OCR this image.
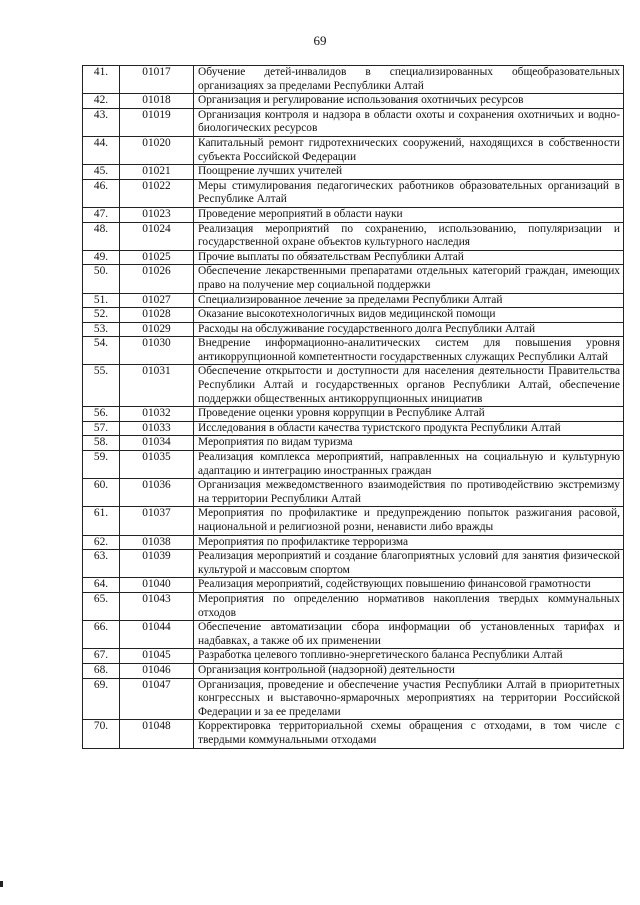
69
41.	01017	Обучение детей-инвалидов в специализированных общеобразовательных организациях за пределами Республики Алтай
42.	01018	Организация и регулирование использования охотничьих ресурсов
43.	01019	Организация контроля и надзора в области охоты и сохранения охотничьих и водно-биологических ресурсов
44.	01020	Капитальный ремонт гидротехнических сооружений, находящихся в собственности субъекта Российской Федерации
45.	01021	Поощрение лучших учителей
46.	01022	Меры стимулирования педагогических работников образовательных организаций в Республике Алтай
47.	01023	Проведение мероприятий в области науки
48.	01024	Реализация мероприятий по сохранению, использованию, популяризации и государственной охране объектов культурного наследия
49.	01025	Прочие выплаты по обязательствам Республики Алтай
50.	01026	Обеспечение лекарственными препаратами отдельных категорий граждан, имеющих право на получение мер социальной поддержки
51.	01027	Специализированное лечение за пределами Республики Алтай
52.	01028	Оказание высокотехнологичных видов медицинской помощи
53.	01029	Расходы на обслуживание государственного долга Республики Алтай
54.	01030	Внедрение информационно-аналитических систем для повышения уровня антикоррупционной компетентности государственных служащих Республики Алтай
55.	01031	Обеспечение открытости и доступности для населения деятельности Правительства Республики Алтай и государственных органов Республики Алтай, обеспечение поддержки общественных антикоррупционных инициатив
56.	01032	Проведение оценки уровня коррупции в Республике Алтай
57.	01033	Исследования в области качества туристского продукта Республики Алтай
58.	01034	Мероприятия по видам туризма
59.	01035	Реализация комплекса мероприятий, направленных на социальную и культурную адаптацию и интеграцию иностранных граждан
60.	01036	Организация межведомственного взаимодействия по противодействию экстремизму на территории Республики Алтай
61.	01037	Мероприятия по профилактике и предупреждению попыток разжигания расовой, национальной и религиозной розни, ненависти либо вражды
62.	01038	Мероприятия по профилактике терроризма
63.	01039	Реализация мероприятий и создание благоприятных условий для занятия физической культурой и массовым спортом
64.	01040	Реализация мероприятий, содействующих повышению финансовой грамотности
65.	01043	Мероприятия по определению нормативов накопления твердых коммунальных отходов
66.	01044	Обеспечение автоматизации сбора информации об установленных тарифах и надбавках, а также об их применении
67.	01045	Разработка целевого топливно-энергетического баланса Республики Алтай
68.	01046	Организация контрольной (надзорной) деятельности
69.	01047	Организация, проведение и обеспечение участия Республики Алтай в приоритетных конгрессных и выставочно-ярмарочных мероприятиях на территории Российской Федерации и за ее пределами
70.	01048	Корректировка территориальной схемы обращения с отходами, в том числе с твердыми коммунальными отходами
